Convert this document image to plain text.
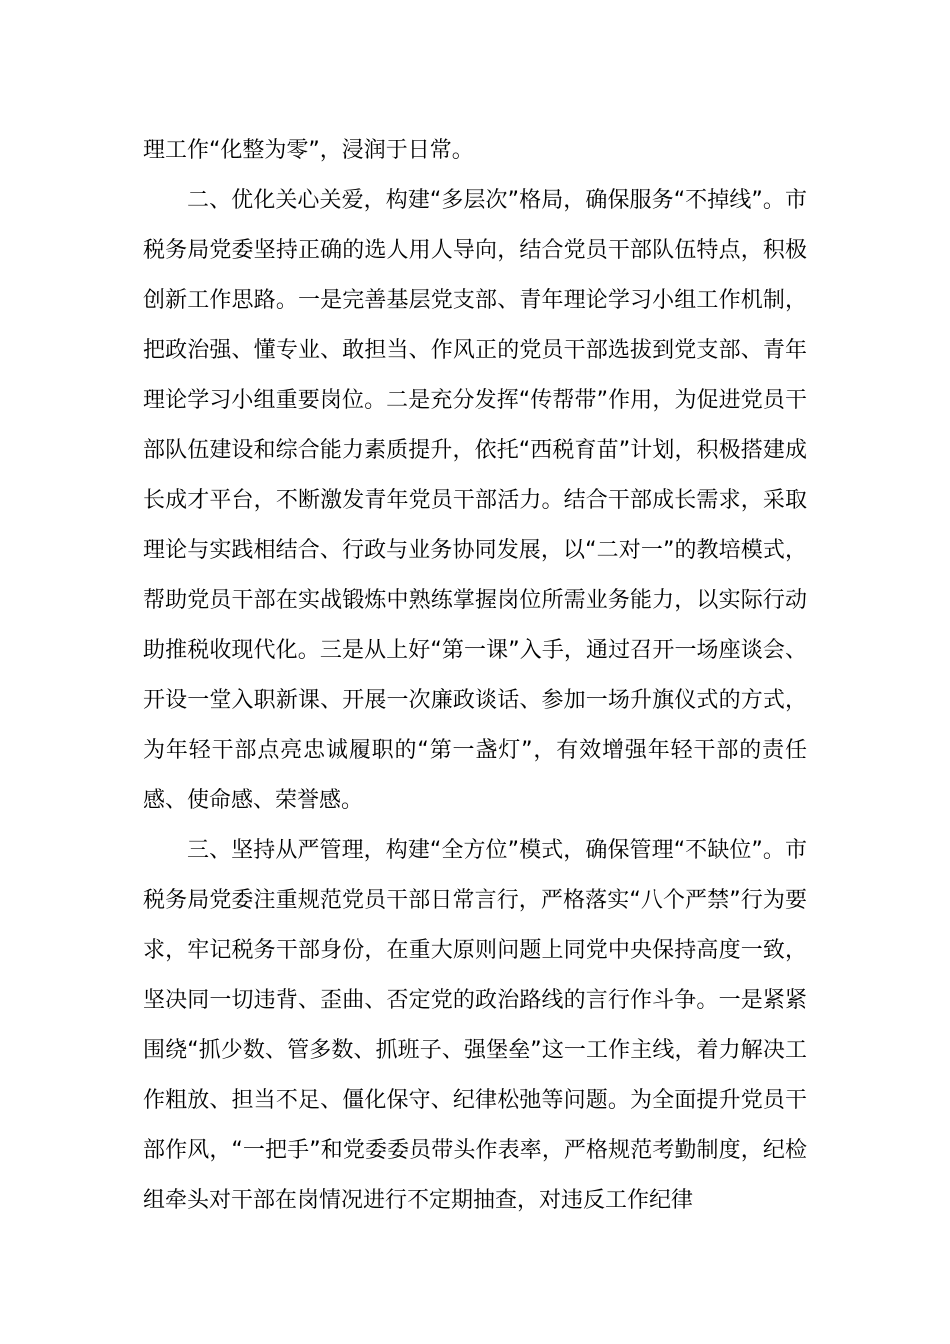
理工作“化整为零”，浸润于日常。

二、优化关心关爱，构建“多层次”格局，确保服务“不掉线”。市税务局党委坚持正确的选人用人导向，结合党员干部队伍特点，积极创新工作思路。一是完善基层党支部、青年理论学习小组工作机制，把政治强、懂专业、敢担当、作风正的党员干部选拔到党支部、青年理论学习小组重要岗位。二是充分发挥“传帮带”作用，为促进党员干部队伍建设和综合能力素质提升，依托“西税育苗”计划，积极搭建成长成才平台，不断激发青年党员干部活力。结合干部成长需求，采取理论与实践相结合、行政与业务协同发展，以“二对一”的教培模式，帮助党员干部在实战锻炼中熟练掌握岗位所需业务能力，以实际行动助推税收现代化。三是从上好“第一课”入手，通过召开一场座谈会、开设一堂入职新课、开展一次廉政谈话、参加一场升旗仪式的方式，为年轻干部点亮忠诚履职的“第一盏灯”，有效增强年轻干部的责任感、使命感、荣誉感。

三、坚持从严管理，构建“全方位”模式，确保管理“不缺位”。市税务局党委注重规范党员干部日常言行，严格落实“八个严禁”行为要求，牢记税务干部身份，在重大原则问题上同党中央保持高度一致，坚决同一切违背、歪曲、否定党的政治路线的言行作斗争。一是紧紧围绕“抓少数、管多数、抓班子、强堡垒”这一工作主线，着力解决工作粗放、担当不足、僵化保守、纪律松弛等问题。为全面提升党员干部作风，“一把手”和党委委员带头作表率，严格规范考勤制度，纪检组牵头对干部在岗情况进行不定期抽查，对违反工作纪律
